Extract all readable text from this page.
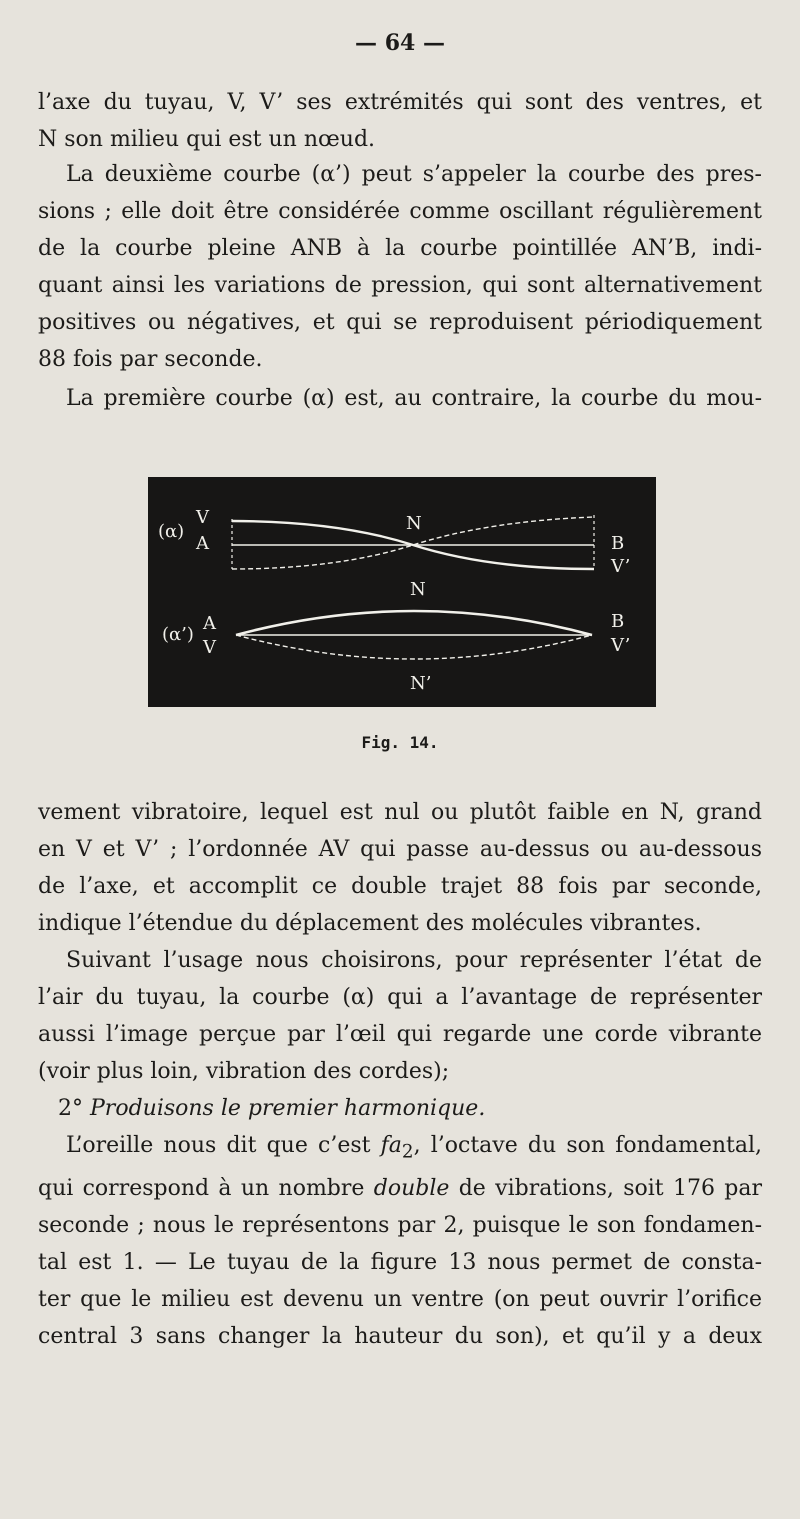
— 64 —

l’axe du tuyau, V, V’ ses extrémités qui sont des ventres, et
N son milieu qui est un nœud.

La deuxième courbe (α’) peut s’appeler la courbe des pres-
sions ; elle doit être considérée comme oscillant régulièrement
de la courbe pleine ANB à la courbe pointillée AN’B, indi-
quant ainsi les variations de pression, qui sont alternativement
positives ou négatives, et qui se reproduisent périodiquement
88 fois par seconde.

La première courbe (α) est, au contraire, la courbe du mou-

(α)
V
A
N
B
V’
N
(α’)
A
V
B
V’
N’
Fig. 14.

vement vibratoire, lequel est nul ou plutôt faible en N, grand
en V et V’ ; l’ordonnée AV qui passe au-dessus ou au-dessous
de l’axe, et accomplit ce double trajet 88 fois par seconde,
indique l’étendue du déplacement des molécules vibrantes.

Suivant l’usage nous choisirons, pour représenter l’état de
l’air du tuyau, la courbe (α) qui a l’avantage de représenter
aussi l’image perçue par l’œil qui regarde une corde vibrante
(voir plus loin, vibration des cordes);

2° Produisons le premier harmonique.

L’oreille nous dit que c’est $fa_2$, l’octave du son fondamental,
qui correspond à un nombre double de vibrations, soit 176 par
seconde ; nous le représentons par 2, puisque le son fondamen-
tal est 1. — Le tuyau de la figure 13 nous permet de consta-
ter que le milieu est devenu un ventre (on peut ouvrir l’orifice
central 3 sans changer la hauteur du son), et qu’il y a deux
